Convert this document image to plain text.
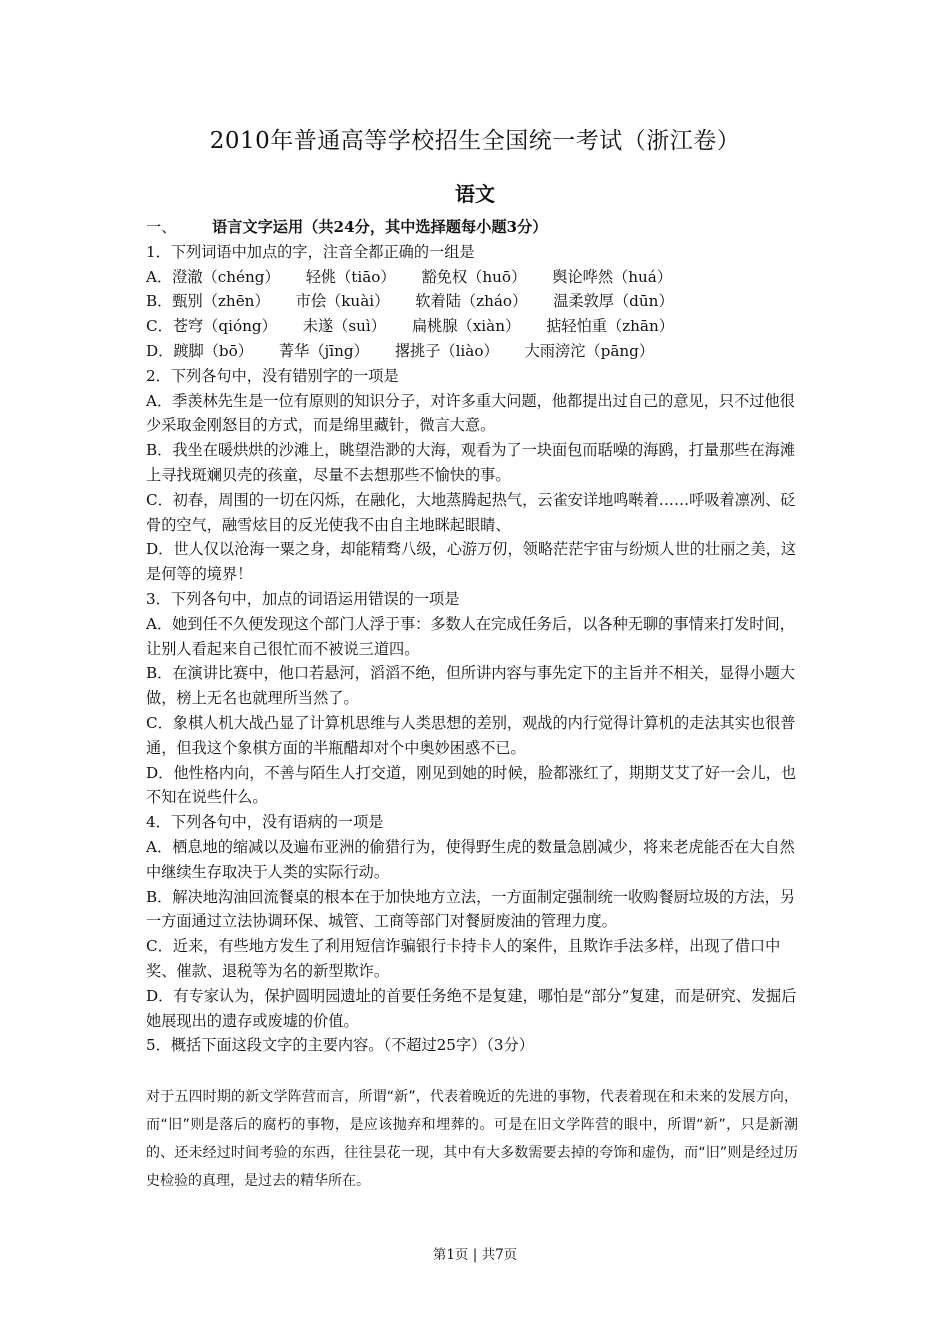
2010年普通高等学校招生全国统一考试（浙江卷）
语文

一、 语言文字运用（共24分，其中选择题每小题3分）

1．下列词语中加点的字，注音全都正确的一组是

A．澄澈（chéng） 轻佻（tiāo） 豁免权（huō） 舆论哗然（huá）

B．甄别（zhēn） 市侩（kuài） 软着陆（zháo） 温柔敦厚（dūn）

C．苍穹（qióng） 未遂（suì） 扁桃腺（xiàn） 掂轻怕重（zhān）

D．踱脚（bō） 菁华（jīng） 撂挑子（liào） 大雨滂沱（pāng）

2．下列各句中，没有错别字的一项是

A．季羡林先生是一位有原则的知识分子，对许多重大问题，他都提出过自己的意见，只不过他很少采取金刚怒目的方式，而是绵里藏针，微言大意。

B．我坐在暖烘烘的沙滩上，眺望浩渺的大海，观看为了一块面包而聒噪的海鸥，打量那些在海滩上寻找斑斓贝壳的孩童，尽量不去想那些不愉快的事。

C．初春，周围的一切在闪烁，在融化，大地蒸腾起热气，云雀安详地鸣啭着……呼吸着凛冽、砭骨的空气，融雪炫目的反光使我不由自主地眯起眼睛、

D．世人仅以沧海一粟之身，却能精骛八级，心游万仞，领略茫茫宇宙与纷烦人世的壮丽之美，这是何等的境界！

3．下列各句中，加点的词语运用错误的一项是

A．她到任不久便发现这个部门人浮于事：多数人在完成任务后，以各种无聊的事情来打发时间，让别人看起来自己很忙而不被说三道四。

B．在演讲比赛中，他口若悬河，滔滔不绝，但所讲内容与事先定下的主旨并不相关，显得小题大做，榜上无名也就理所当然了。

C．象棋人机大战凸显了计算机思维与人类思想的差别，观战的内行觉得计算机的走法其实也很普通，但我这个象棋方面的半瓶醋却对个中奥妙困惑不已。

D．他性格内向，不善与陌生人打交道，刚见到她的时候，脸都涨红了，期期艾艾了好一会儿，也不知在说些什么。

4．下列各句中，没有语病的一项是

A．栖息地的缩减以及遍布亚洲的偷猎行为，使得野生虎的数量急剧减少，将来老虎能否在大自然中继续生存取决于人类的实际行动。

B．解决地沟油回流餐桌的根本在于加快地方立法，一方面制定强制统一收购餐厨垃圾的方法，另一方面通过立法协调环保、城管、工商等部门对餐厨废油的管理力度。

C．近来，有些地方发生了利用短信诈骗银行卡持卡人的案件，且欺诈手法多样，出现了借口中奖、催款、退税等为名的新型欺诈。

D．有专家认为，保护圆明园遗址的首要任务绝不是复建，哪怕是“部分”复建，而是研究、发掘后她展现出的遗存或废墟的价值。

5．概括下面这段文字的主要内容。（不超过25字）（3分）

对于五四时期的新文学阵营而言，所谓“新”，代表着晚近的先进的事物，代表着现在和未来的发展方向，而“旧”则是落后的腐朽的事物，是应该抛弃和埋葬的。可是在旧文学阵营的眼中，所谓“新”，只是新潮的、还未经过时间考验的东西，往往昙花一现，其中有大多数需要去掉的夸饰和虚伪，而“旧”则是经过历史检验的真理，是过去的精华所在。
第1页 | 共7页
